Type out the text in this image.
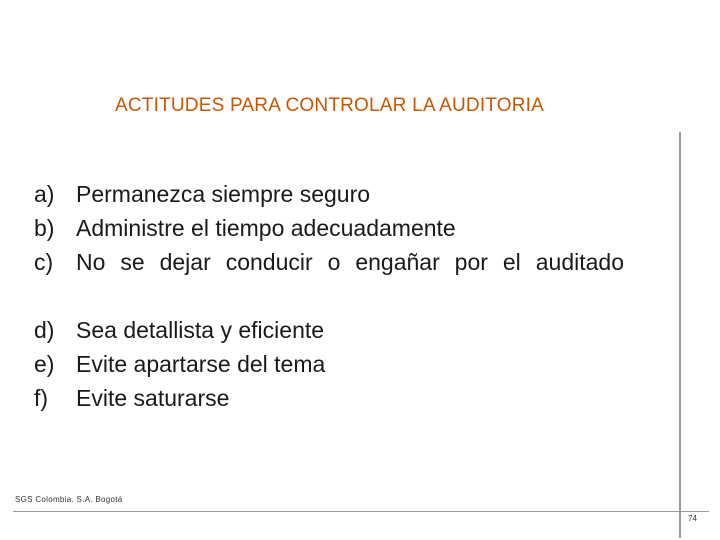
ACTITUDES PARA CONTROLAR LA AUDITORIA
a) Permanezca siempre seguro
b) Administre el tiempo adecuadamente
c) No se dejar conducir o engañar por el auditado
d) Sea detallista y eficiente
e) Evite apartarse del tema
f) Evite saturarse
SGS Colombia. S.A. Bogotá
74
